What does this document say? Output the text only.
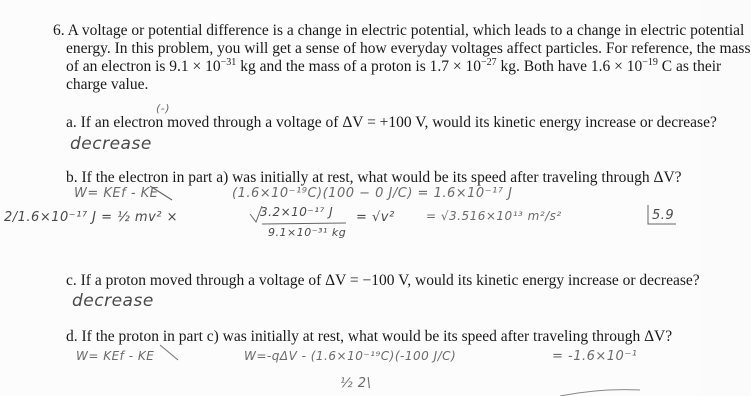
6. A voltage or potential difference is a change in electric potential, which leads to a change in electric potential
energy. In this problem, you will get a sense of how everyday voltages affect particles. For reference, the mass
of an electron is $9.1 \times 10^{-31}$ kg and the mass of a proton is $1.7 \times 10^{-27}$ kg. Both have $1.6 \times 10^{-19}$ C as their
charge value.
(-)
a. If an electron moved through a voltage of ΔV = +100 V, would its kinetic energy increase or decrease?
decrease
b. If the electron in part a) was initially at rest, what would be its speed after traveling through ΔV?
W= KEf - KE	(1.6×10⁻¹⁹C)(100 − 0 J/C) = 1.6×10⁻¹⁷ J
2/1.6×10⁻¹⁷ J = ½ mv² ×	3.2×10⁻¹⁷ J
9.1×10⁻³¹ kg
= √v²	= √3.516×10¹³ m²/s²	5.9
c. If a proton moved through a voltage of ΔV = −100 V, would its kinetic energy increase or decrease?
decrease
d. If the proton in part c) was initially at rest, what would be its speed after traveling through ΔV?
W= KEf - KE	W=-qΔV - (1.6×10⁻¹⁹C)(-100 J/C)	= -1.6×10⁻¹
½ 2\
